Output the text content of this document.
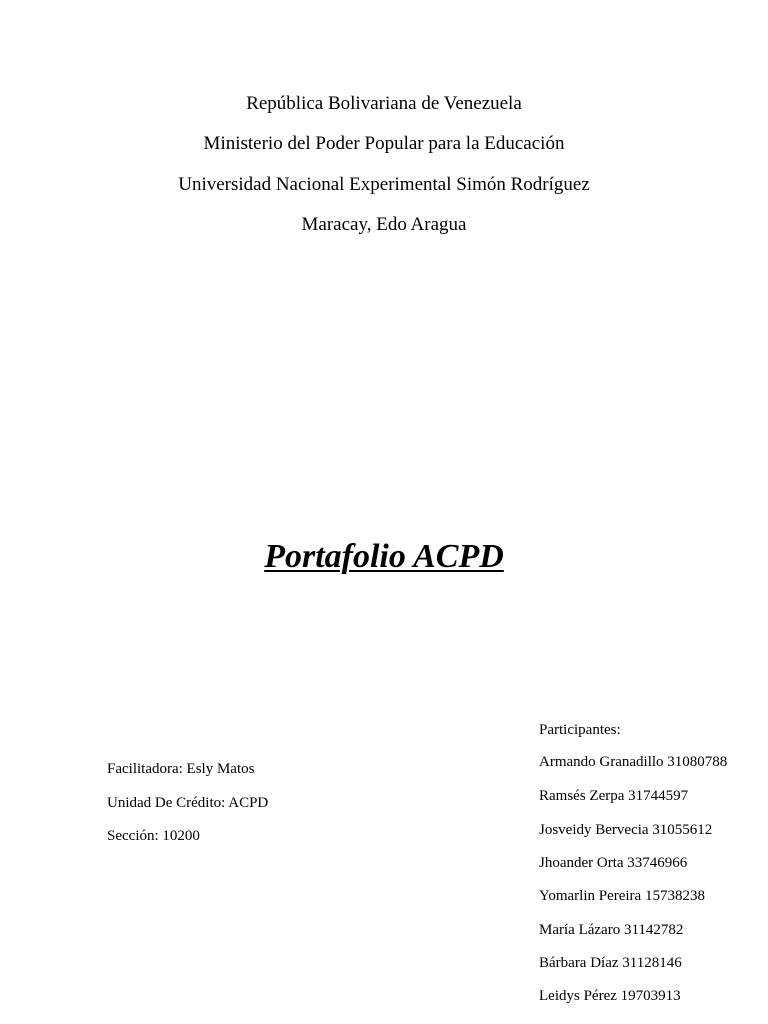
República Bolivariana de Venezuela
Ministerio del Poder Popular para la Educación
Universidad Nacional Experimental Simón Rodríguez
Maracay, Edo Aragua
Portafolio ACPD
Facilitadora: Esly Matos
Unidad De Crédito: ACPD
Sección: 10200
Participantes:
Armando Granadillo 31080788
Ramsés Zerpa 31744597
Josveidy Bervecia 31055612
Jhoander Orta 33746966
Yomarlin Pereira 15738238
María Lázaro 31142782
Bárbara Díaz 31128146
Leidys Pérez 19703913
